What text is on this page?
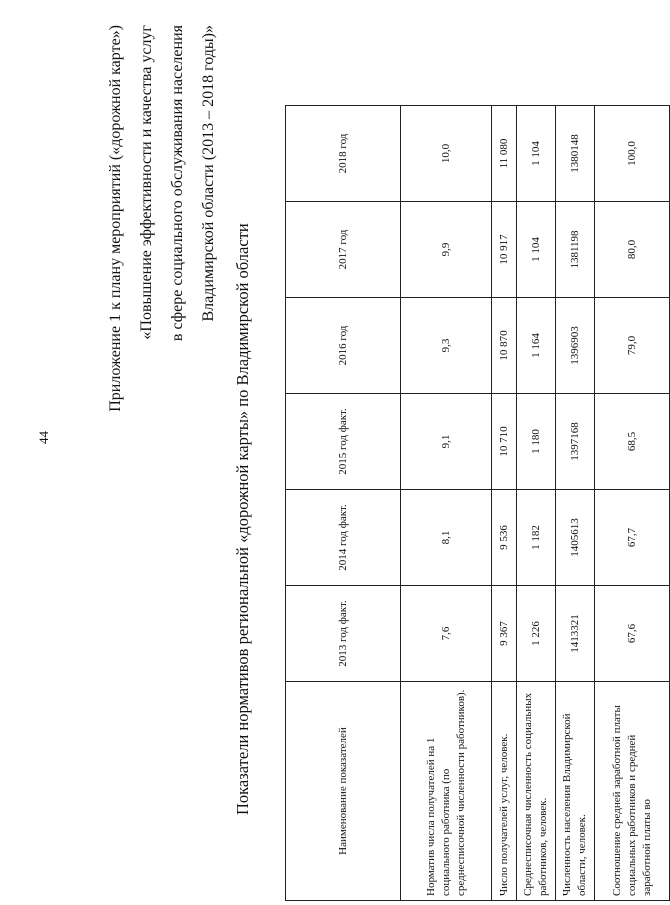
44
Приложение 1 к плану мероприятий («дорожной карте») «Повышение эффективности и качества услуг в сфере социального обслуживания населения Владимирской области (2013 – 2018 годы)»
Показатели нормативов региональной «дорожной карты» по Владимирской области	Наименование показателей	2013 год факт.	2014 год факт.	2015 год факт.	2016 год	2017 год	2018 год
Норматив числа получателей на 1 социального работника (по среднесписочной численности работников).	7,6	8,1	9,1	9,3	9,9	10,0
Число получателей услуг, человек.	9 367	9 536	10 710	10 870	10 917	11 080
Среднесписочная численность социальных работников, человек.	1 226	1 182	1 180	1 164	1 104	1 104
Численность населения Владимирской области, человек.	1413321	1405613	1397168	1396903	1381198	1380148
Соотношение средней заработной платы социальных работников и средней заработной платы во	67,6	67,7	68,5	79,0	80,0	100,0
